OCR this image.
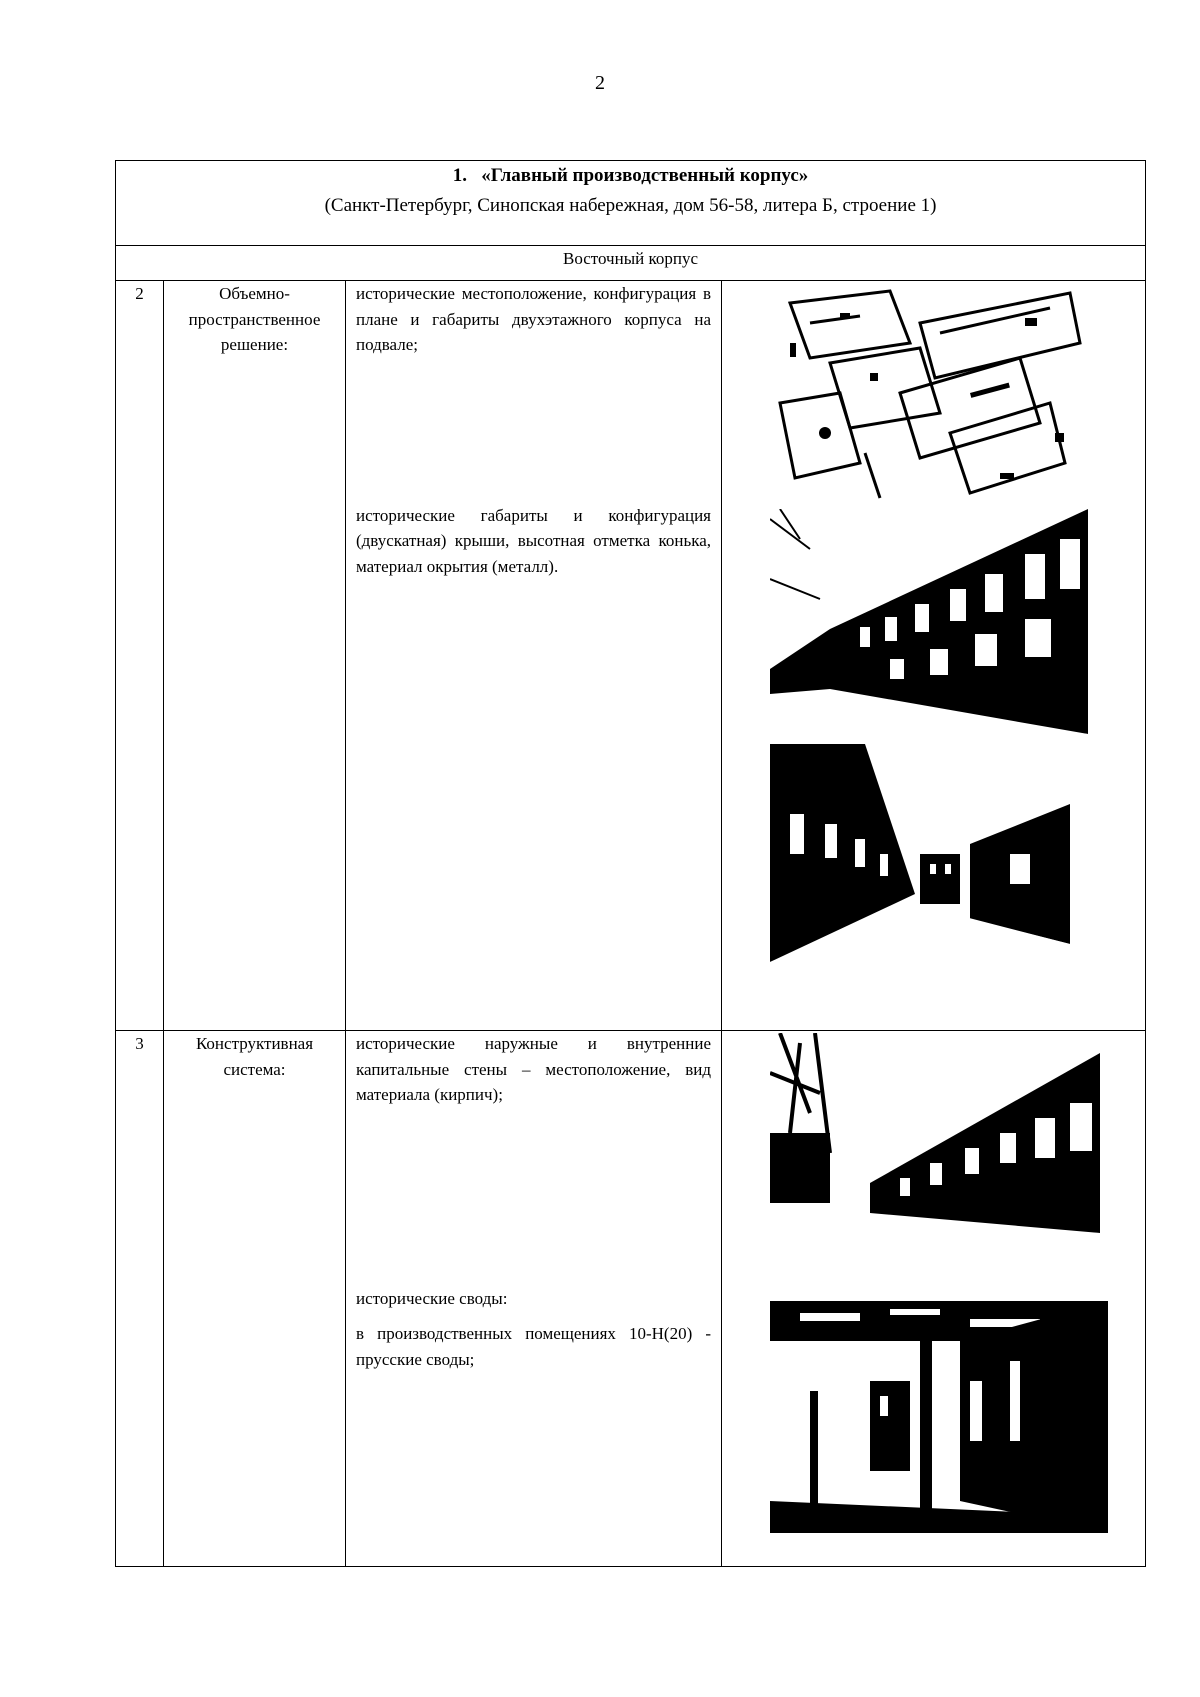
2
1.   «Главный производственный корпус»
(Санкт-Петербург, Синопская набережная, дом 56-58, литера Б, строение 1)			

Восточный корпус			
2	Объемно-пространственное решение:	исторические местоположение, конфигурация в плане и габариты двухэтажного корпуса на подвале;

исторические габариты и конфигурация (двускатная) крыши, высотная отметка конька, материал окрытия (металл).

3	Конструктивная система:	исторические наружные и внутренние капитальные стены – местоположение, вид материала (кирпич);

исторические своды:

в производственных помещениях 10-Н(20) - прусские своды;
